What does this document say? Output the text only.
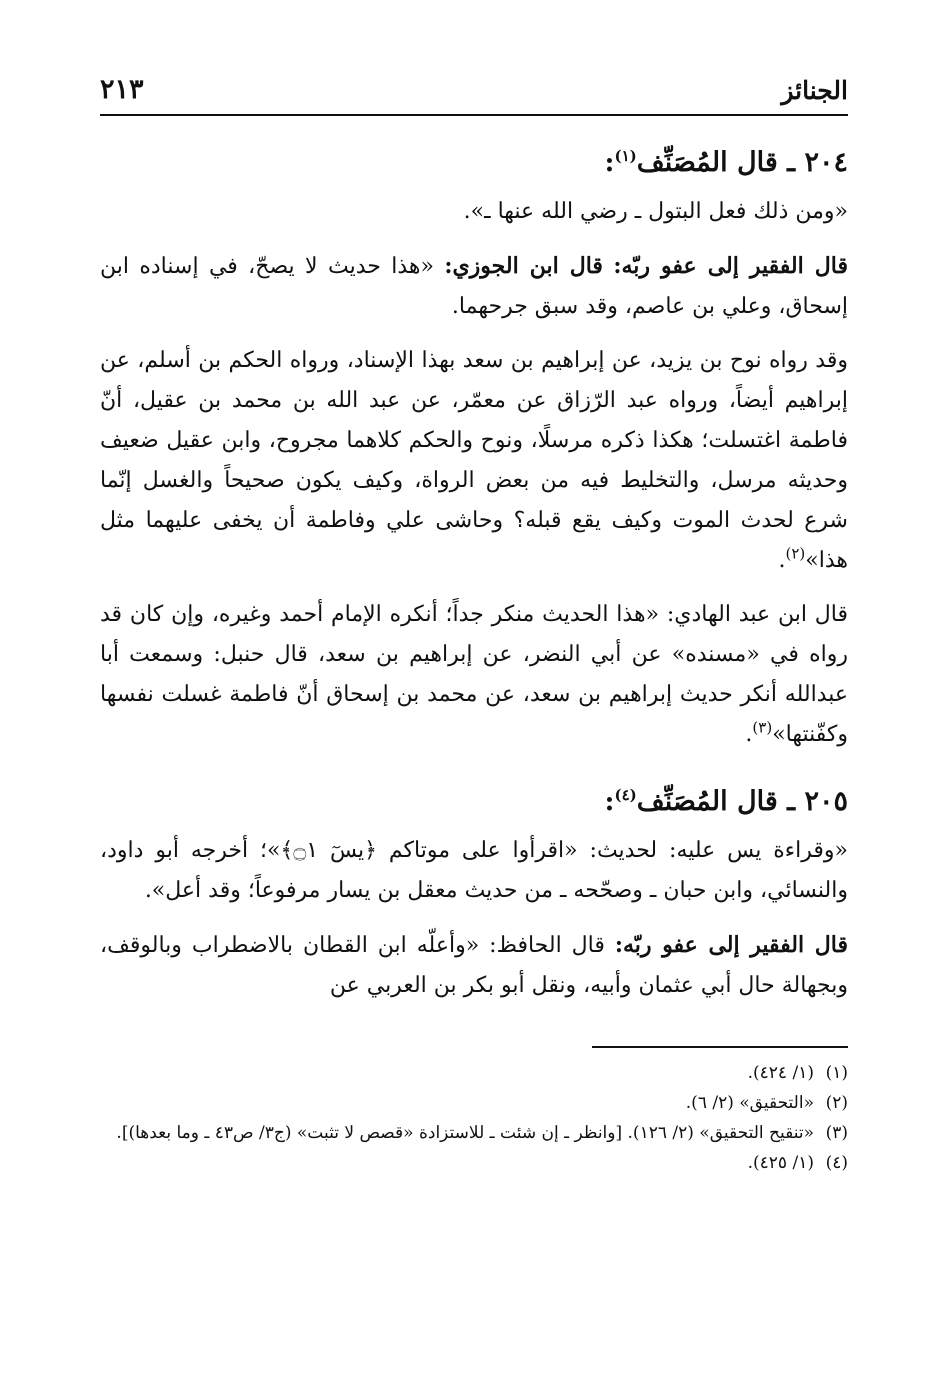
الجنائز
٢١٣
٢٠٤ ـ قال المُصَنِّف$^{(١)}$:

«ومن ذلك فعل البتول ـ رضي الله عنها ـ».

قال الفقير إلى عفو ربّه: قال ابن الجوزي: «هذا حديث لا يصحّ، في إسناده ابن إسحاق، وعلي بن عاصم، وقد سبق جرحهما.

وقد رواه نوح بن يزيد، عن إبراهيم بن سعد بهذا الإسناد، ورواه الحكم بن أسلم، عن إبراهيم أيضاً، ورواه عبد الرّزاق عن معمّر، عن عبد الله بن محمد بن عقيل، أنّ فاطمة اغتسلت؛ هكذا ذكره مرسلًا، ونوح والحكم كلاهما مجروح، وابن عقيل ضعيف وحديثه مرسل، والتخليط فيه من بعض الرواة، وكيف يكون صحيحاً والغسل إنّما شرع لحدث الموت وكيف يقع قبله؟ وحاشى علي وفاطمة أن يخفى عليهما مثل هذا»$^{(٢)}$.

قال ابن عبد الهادي: «هذا الحديث منكر جداً؛ أنكره الإمام أحمد وغيره، وإن كان قد رواه في «مسنده» عن أبي النضر، عن إبراهيم بن سعد، قال حنبل: وسمعت أبا عبدالله أنكر حديث إبراهيم بن سعد، عن محمد بن إسحاق أنّ فاطمة غسلت نفسها وكفّنتها»$^{(٣)}$.

٢٠٥ ـ قال المُصَنِّف$^{(٤)}$:

«وقراءة يس عليه: لحديث: «اقرأوا على موتاكم ﴿يسٓ ۝١﴾»؛ أخرجه أبو داود، والنسائي، وابن حبان ـ وصحّحه ـ من حديث معقل بن يسار مرفوعاً؛ وقد أعل».

قال الفقير إلى عفو ربّه: قال الحافظ: «وأعلّه ابن القطان بالاضطراب وبالوقف، وبجهالة حال أبي عثمان وأبيه، ونقل أبو بكر بن العربي عن

(١)(١/ ٤٢٤).

(٢)«التحقيق» (٢/ ٦).

(٣)«تنقيح التحقيق» (٢/ ١٢٦). [وانظر ـ إن شئت ـ للاستزادة «قصص لا تثبت» (ج٣/ ص٤٣ ـ وما بعدها)].

(٤)(١/ ٤٢٥).
